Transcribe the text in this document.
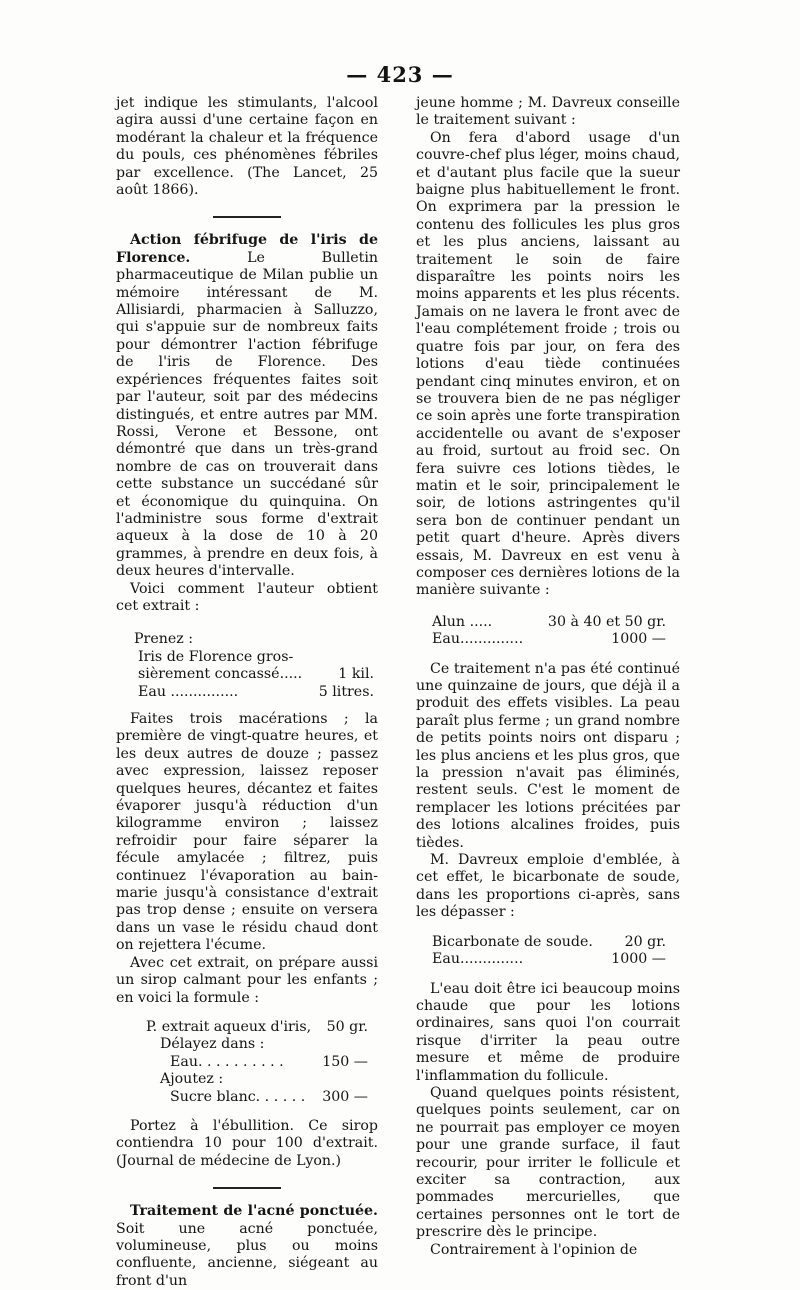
— 423 —

jet indique les stimulants, l'alcool agira aussi d'une certaine façon en modérant la chaleur et la fréquence du pouls, ces phénomènes fébriles par excellence. (The Lancet, 25 août 1866).

Action fébrifuge de l'iris de Florence. Le Bulletin pharmaceutique de Milan publie un mémoire intéressant de M. Allisiardi, pharmacien à Salluzzo, qui s'appuie sur de nombreux faits pour démontrer l'action fébrifuge de l'iris de Florence. Des expériences fréquentes faites soit par l'auteur, soit par des médecins distingués, et entre autres par MM. Rossi, Verone et Bessone, ont démontré que dans un très-grand nombre de cas on trouverait dans cette substance un succédané sûr et économique du quinquina. On l'administre sous forme d'extrait aqueux à la dose de 10 à 20 grammes, à prendre en deux fois, à deux heures d'intervalle.

Voici comment l'auteur obtient cet extrait :

Prenez :
Iris de Florence gros-
sièrement concassé.....	1 kil.
Eau ...............	5 litres.

Faites trois macérations ; la première de vingt-quatre heures, et les deux autres de douze ; passez avec expression, laissez reposer quelques heures, décantez et faites évaporer jusqu'à réduction d'un kilogramme environ ; laissez refroidir pour faire séparer la fécule amylacée ; filtrez, puis continuez l'évaporation au bain-marie jusqu'à consistance d'extrait pas trop dense ; ensuite on versera dans un vase le résidu chaud dont on rejettera l'écume.

Avec cet extrait, on prépare aussi un sirop calmant pour les enfants ; en voici la formule :

P. extrait aqueux d'iris, 50 gr.
Délayez dans :
Eau. . . . . . . . . .	150 —
Ajoutez :
Sucre blanc. . . . . . 300 —

Portez à l'ébullition. Ce sirop contiendra 10 pour 100 d'extrait. (Journal de médecine de Lyon.)

Traitement de l'acné ponctuée. Soit une acné ponctuée, volumineuse, plus ou moins confluente, ancienne, siégeant au front d'un

jeune homme ; M. Davreux conseille le traitement suivant :

On fera d'abord usage d'un couvre-chef plus léger, moins chaud, et d'autant plus facile que la sueur baigne plus habituellement le front. On exprimera par la pression le contenu des follicules les plus gros et les plus anciens, laissant au traitement le soin de faire disparaître les points noirs les moins apparents et les plus récents. Jamais on ne lavera le front avec de l'eau complétement froide ; trois ou quatre fois par jour, on fera des lotions d'eau tiède continuées pendant cinq minutes environ, et on se trouvera bien de ne pas négliger ce soin après une forte transpiration accidentelle ou avant de s'exposer au froid, surtout au froid sec. On fera suivre ces lotions tièdes, le matin et le soir, principalement le soir, de lotions astringentes qu'il sera bon de continuer pendant un petit quart d'heure. Après divers essais, M. Davreux en est venu à composer ces dernières lotions de la manière suivante :

Alun .....	30 à 40 et 50 gr.
Eau..............	1000 —

Ce traitement n'a pas été continué une quinzaine de jours, que déjà il a produit des effets visibles. La peau paraît plus ferme ; un grand nombre de petits points noirs ont disparu ; les plus anciens et les plus gros, que la pression n'avait pas éliminés, restent seuls. C'est le moment de remplacer les lotions précitées par des lotions alcalines froides, puis tièdes.

M. Davreux emploie d'emblée, à cet effet, le bicarbonate de soude, dans les proportions ci-après, sans les dépasser :

Bicarbonate de soude. 20 gr.
Eau..............	1000 —

L'eau doit être ici beaucoup moins chaude que pour les lotions ordinaires, sans quoi l'on courrait risque d'irriter la peau outre mesure et même de produire l'inflammation du follicule.

Quand quelques points résistent, quelques points seulement, car on ne pourrait pas employer ce moyen pour une grande surface, il faut recourir, pour irriter le follicule et exciter sa contraction, aux pommades mercurielles, que certaines personnes ont le tort de prescrire dès le principe.

Contrairement à l'opinion de
